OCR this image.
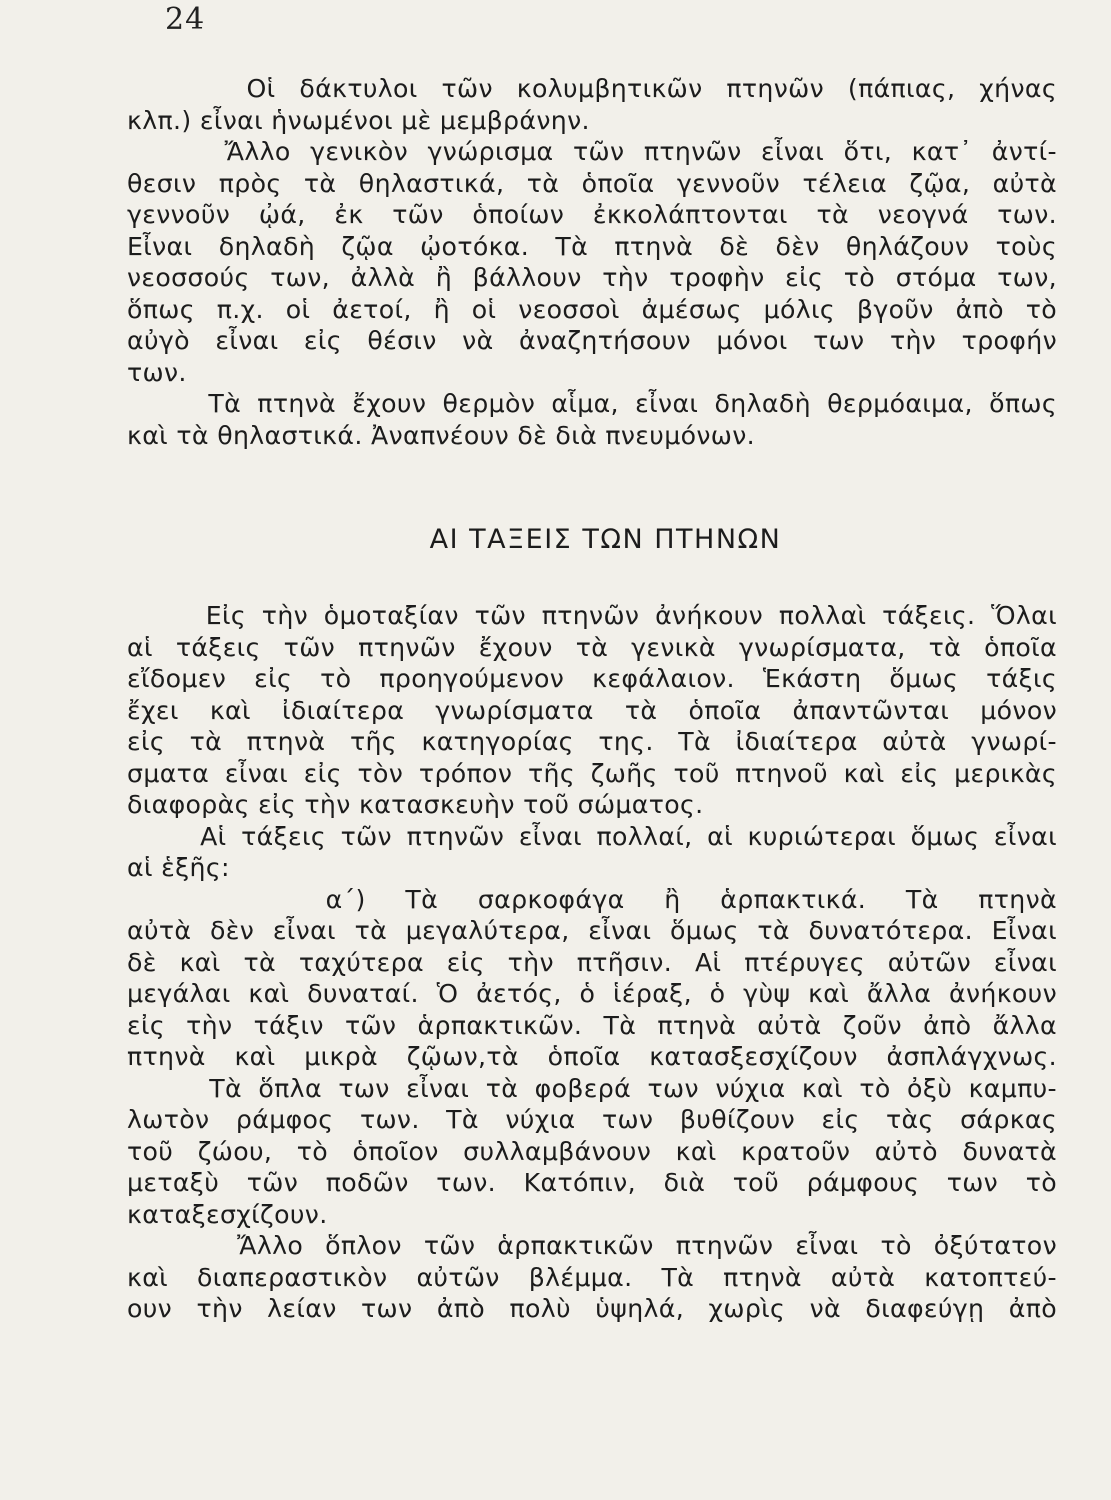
24
Οἱ δάκτυλοι τῶν κολυμβητικῶν πτηνῶν (πάπιας, χήνας
κλπ.) εἶναι ἡνωμένοι μὲ μεμβράνην.
Ἄλλο γενικὸν γνώρισμα τῶν πτηνῶν εἶναι ὅτι, κατ᾽ ἀντί-
θεσιν πρὸς τὰ θηλαστικά, τὰ ὁποῖα γεννοῦν τέλεια ζῷα, αὐτὰ
γεννοῦν ᾠά, ἐκ τῶν ὁποίων ἐκκολάπτονται τὰ νεογνά των.
Εἶναι δηλαδὴ ζῷα ᾠοτόκα. Τὰ πτηνὰ δὲ δὲν θηλάζουν τοὺς
νεοσσούς των, ἀλλὰ ἢ βάλλουν τὴν τροφὴν εἰς τὸ στόμα των,
ὅπως π.χ. οἱ ἀετοί, ἢ οἱ νεοσσοὶ ἀμέσως μόλις βγοῦν ἀπὸ τὸ
αὐγὸ εἶναι εἰς θέσιν νὰ ἀναζητήσουν μόνοι των τὴν τροφήν
των.
Τὰ πτηνὰ ἔχουν θερμὸν αἷμα, εἶναι δηλαδὴ θερμόαιμα, ὅπως
καὶ τὰ θηλαστικά. Ἀναπνέουν δὲ διὰ πνευμόνων.
ΑΙ ΤΑΞΕΙΣ ΤΩΝ ΠΤΗΝΩΝ
Εἰς τὴν ὁμοταξίαν τῶν πτηνῶν ἀνήκουν πολλαὶ τάξεις. Ὅλαι
αἱ τάξεις τῶν πτηνῶν ἔχουν τὰ γενικὰ γνωρίσματα, τὰ ὁποῖα
εἴδομεν εἰς τὸ προηγούμενον κεφάλαιον. Ἑκάστη ὅμως τάξις
ἔχει καὶ ἰδιαίτερα γνωρίσματα τὰ ὁποῖα ἀπαντῶνται μόνον
εἰς τὰ πτηνὰ τῆς κατηγορίας της. Τὰ ἰδιαίτερα αὐτὰ γνωρί-
σματα εἶναι εἰς τὸν τρόπον τῆς ζωῆς τοῦ πτηνοῦ καὶ εἰς μερικὰς
διαφορὰς εἰς τὴν κατασκευὴν τοῦ σώματος.
Αἱ τάξεις τῶν πτηνῶν εἶναι πολλαί, αἱ κυριώτεραι ὅμως εἶναι
αἱ ἑξῆς:
α΄) Τὰ σαρκοφάγα ἢ ἁρπακτικά. Τὰ πτηνὰ
αὐτὰ δὲν εἶναι τὰ μεγαλύτερα, εἶναι ὅμως τὰ δυνατότερα. Εἶναι
δὲ καὶ τὰ ταχύτερα εἰς τὴν πτῆσιν. Αἱ πτέρυγες αὐτῶν εἶναι
μεγάλαι καὶ δυναταί. Ὁ ἀετός, ὁ ἱέραξ, ὁ γὺψ καὶ ἄλλα ἀνήκουν
εἰς τὴν τάξιν τῶν ἁρπακτικῶν. Τὰ πτηνὰ αὐτὰ ζοῦν ἀπὸ ἄλλα
πτηνὰ καὶ μικρὰ ζῷων,τὰ ὁποῖα κατασξεσχίζουν ἀσπλάγχνως.
Τὰ ὅπλα των εἶναι τὰ φοβερά των νύχια καὶ τὸ ὀξὺ καμπυ-
λωτὸν ράμφος των. Τὰ νύχια των βυθίζουν εἰς τὰς σάρκας
τοῦ ζώου, τὸ ὁποῖον συλλαμβάνουν καὶ κρατοῦν αὐτὸ δυνατὰ
μεταξὺ τῶν ποδῶν των. Κατόπιν, διὰ τοῦ ράμφους των τὸ
καταξεσχίζουν.
Ἄλλο ὅπλον τῶν ἁρπακτικῶν πτηνῶν εἶναι τὸ ὀξύτατον
καὶ διαπεραστικὸν αὐτῶν βλέμμα. Τὰ πτηνὰ αὐτὰ κατοπτεύ-
ουν τὴν λείαν των ἀπὸ πολὺ ὑψηλά, χωρὶς νὰ διαφεύγῃ ἀπὸ
